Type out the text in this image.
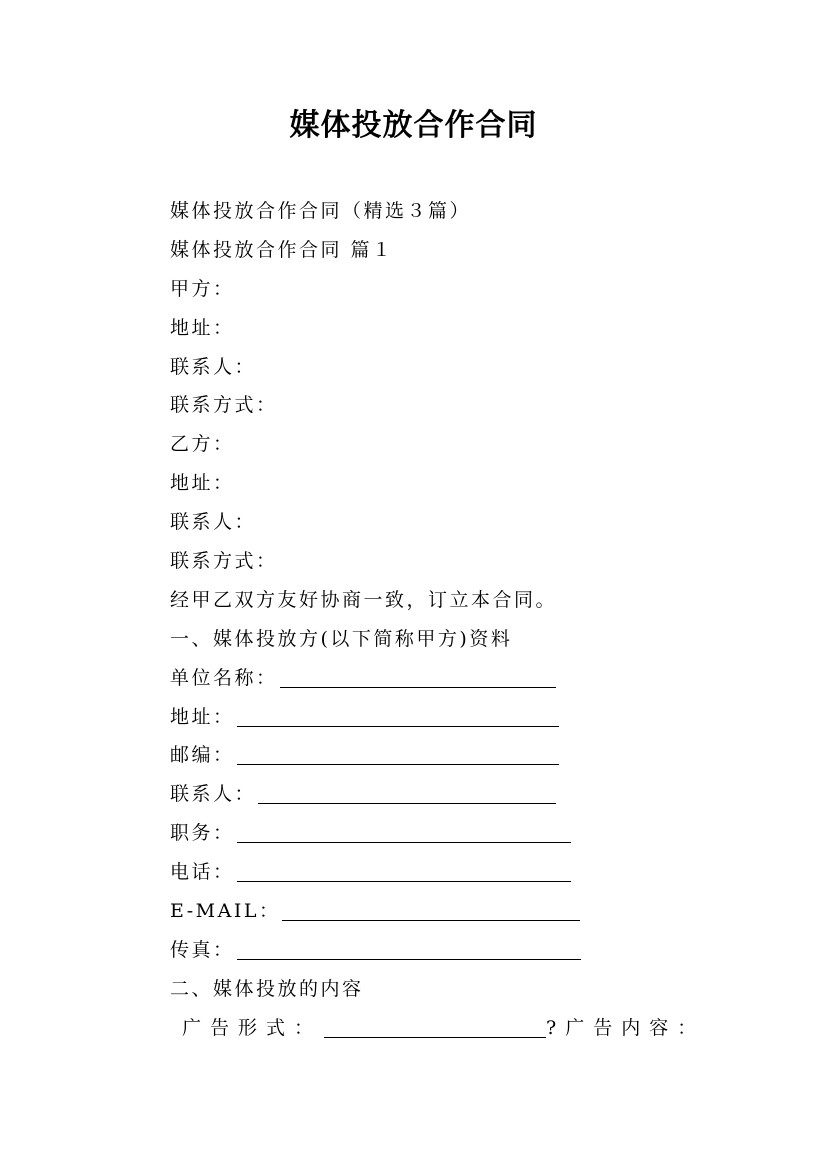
媒体投放合作合同
媒体投放合作合同（精选３篇）
媒体投放合作合同 篇１
甲方：
地址：
联系人：
联系方式：
乙方：
地址：
联系人：
联系方式：
经甲乙双方友好协商一致，订立本合同。
一、媒体投放方(以下简称甲方)资料
单位名称：
地址：
邮编：
联系人：
职务：
电话：
E-MAIL：
传真：
二、媒体投放的内容
广告形式：	?广告内容：
